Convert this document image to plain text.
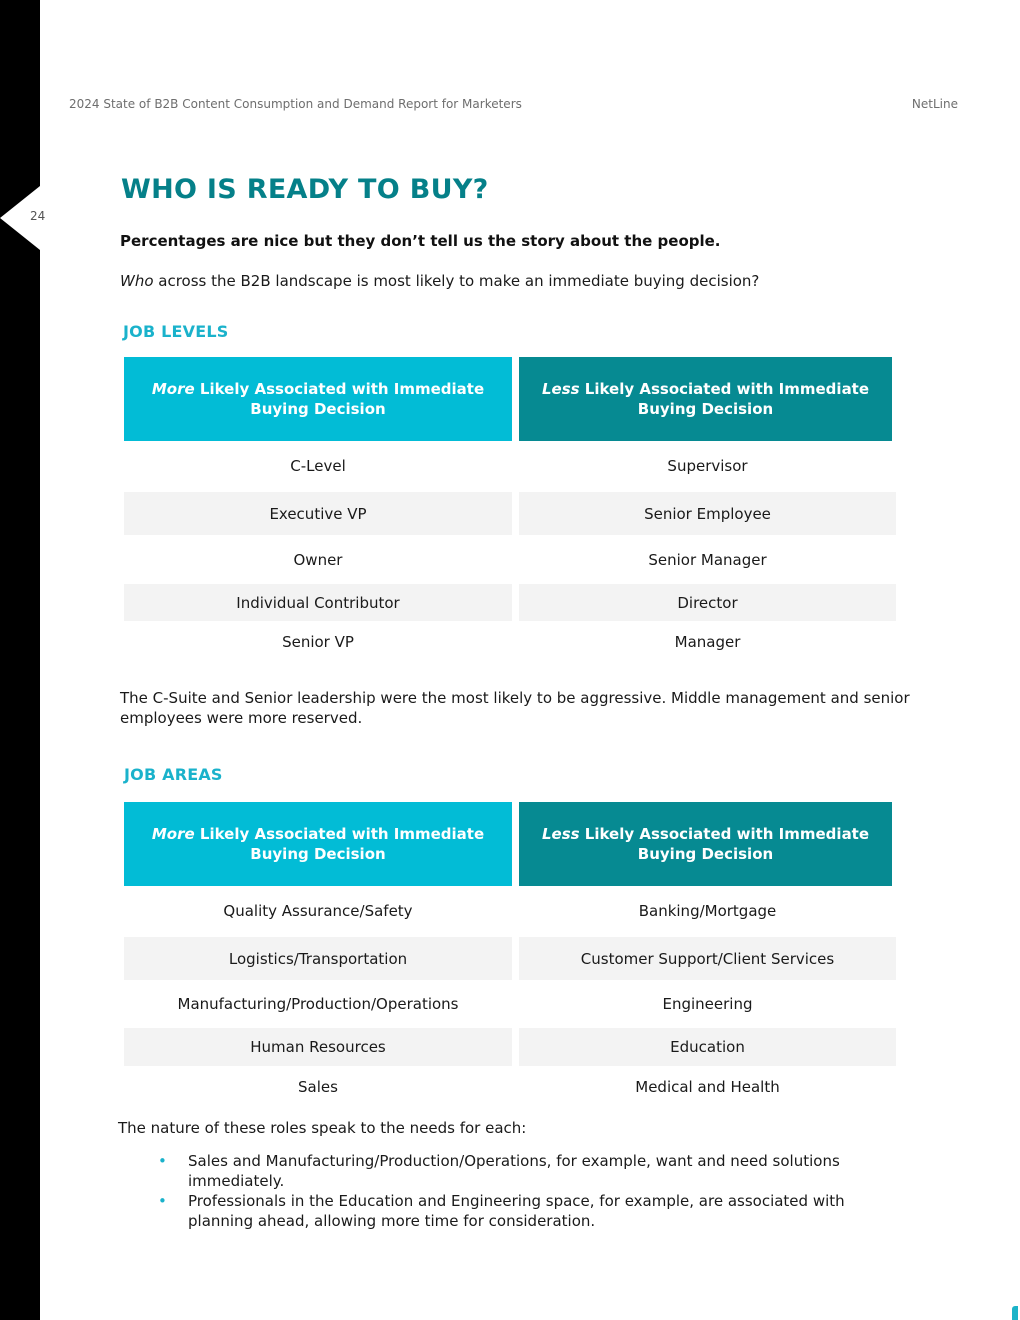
24
2024 State of B2B Content Consumption and Demand Report for Marketers	NetLine
WHO IS READY TO BUY?
Percentages are nice but they don’t tell us the story about the people.
Who across the B2B landscape is most likely to make an immediate buying decision?
JOB LEVELS
More Likely Associated with Immediate Buying Decision
Less Likely Associated with Immediate Buying Decision
C-Level	Supervisor
Executive VP	Senior Employee
Owner	Senior Manager
Individual Contributor	Director
Senior VP	Manager

The C-Suite and Senior leadership were the most likely to be aggressive. Middle management and senior employees were more reserved.

JOB AREAS
More Likely Associated with Immediate Buying Decision
Less Likely Associated with Immediate Buying Decision
Quality Assurance/Safety	Banking/Mortgage
Logistics/Transportation	Customer Support/Client Services
Manufacturing/Production/Operations	Engineering
Human Resources	Education
Sales	Medical and Health

The nature of these roles speak to the needs for each:

• Sales and Manufacturing/Production/Operations, for example, want and need solutions immediately.
• Professionals in the Education and Engineering space, for example, are associated with planning ahead, allowing more time for consideration.
